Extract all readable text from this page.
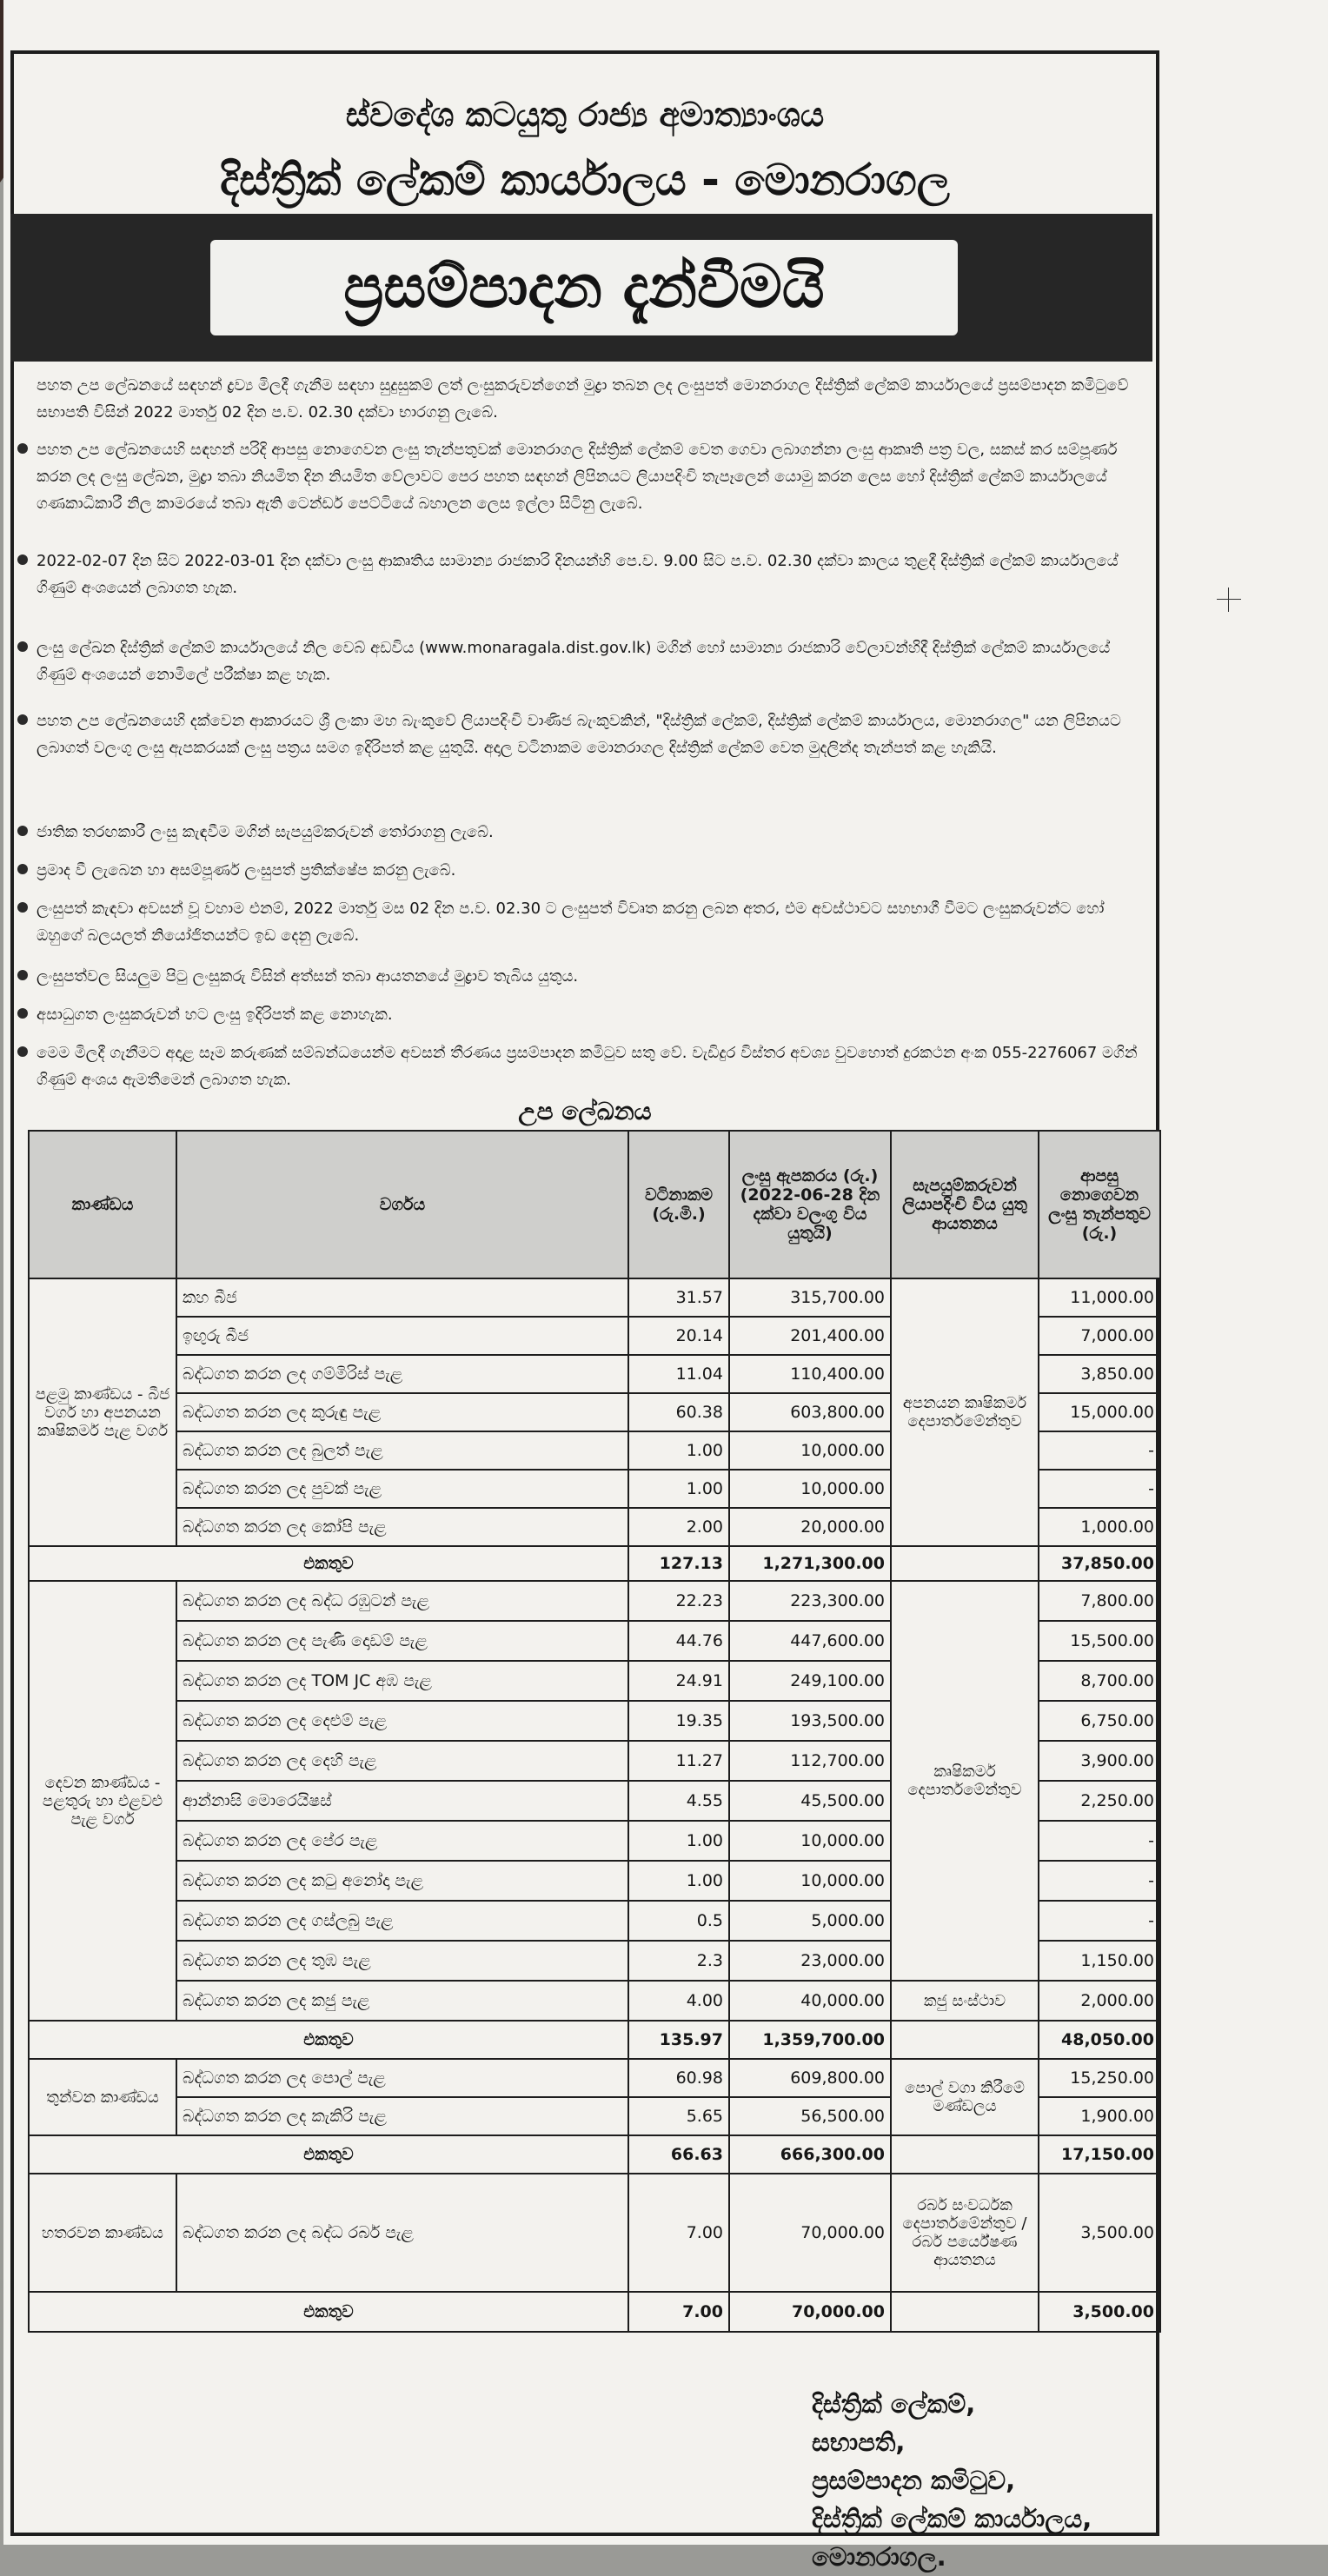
ස්වදේශ කටයුතු රාජ්‍ය අමාත්‍යාංශය
දිස්ත්‍රික් ලේකම් කාර්යාලය - මොනරාගල
ප්‍රසම්පාදන දැන්වීමයි
පහත උප ලේඛනයේ සඳහන් ද්‍රව්‍ය මිලදී ගැනීම සඳහා සුදුසුකම් ලත් ලංසුකරුවන්ගෙන් මුද්‍රා තබන ලද ලංසුපත් මොනරාගල දිස්ත්‍රික් ලේකම් කාර්යාලයේ ප්‍රසම්පාදන කමිටුවේ සභාපති විසින් 2022 මාර්තු 02 දින ප.ව. 02.30 දක්වා භාරගනු ලැබේ.
පහත උප ලේඛනයෙහි සඳහන් පරිදි ආපසු නොගෙවන ලංසු තැන්පතුවක් මොනරාගල දිස්ත්‍රික් ලේකම් වෙත ගෙවා ලබාගන්නා ලංසු ආකෘති පත්‍ර වල, සකස් කර සම්පූර්ණ කරන ලද ලංසු ලේඛන, මුද්‍රා තබා නියමිත දින නියමිත වේලාවට පෙර පහත සඳහන් ලිපිනයට ලියාපදිංචි තැපෑලෙන් යොමු කරන ලෙස හෝ දිස්ත්‍රික් ලේකම් කාර්යාලයේ ගණකාධිකාරී නිල කාමරයේ තබා ඇති ටෙන්ඩර් පෙට්ටියේ බහාලන ලෙස ඉල්ලා සිටිනු ලැබේ.
2022-02-07 දින සිට 2022-03-01 දින දක්වා ලංසු ආකෘතිය සාමාන්‍ය රාජකාරි දිනයන්හි පෙ.ව. 9.00 සිට ප.ව. 02.30 දක්වා කාලය තුළදී දිස්ත්‍රික් ලේකම් කාර්යාලයේ ගිණුම් අංශයෙන් ලබාගත හැක.
ලංසු ලේඛන දිස්ත්‍රික් ලේකම් කාර්යාලයේ නිල වෙබ් අඩවිය (www.monaragala.dist.gov.lk) මගින් හෝ සාමාන්‍ය රාජකාරි වේලාවන්හිදී දිස්ත්‍රික් ලේකම් කාර්යාලයේ ගිණුම් අංශයෙන් නොමිලේ පරීක්ෂා කළ හැක.
පහත උප ලේඛනයෙහි දක්වෙන ආකාරයට ශ්‍රී ලංකා මහ බැංකුවේ ලියාපදිංචි වාණිජ බැංකුවකින්, "දිස්ත්‍රික් ලේකම්, දිස්ත්‍රික් ලේකම් කාර්යාලය, මොනරාගල" යන ලිපිනයට ලබාගත් වලංගු ලංසු ඇපකරයක් ලංසු පත්‍රය සමග ඉදිරිපත් කළ යුතුයි. අදාල වටිනාකම මොනරාගල දිස්ත්‍රික් ලේකම් වෙත මුදලින්ද තැන්පත් කළ හැකියි.
ජාතික තරඟකාරී ලංසු කැඳවීම මගින් සැපයුම්කරුවන් තෝරාගනු ලැබේ.
ප්‍රමාද වී ලැබෙන හා අසම්පූර්ණ ලංසුපත් ප්‍රතික්ෂේප කරනු ලැබේ.
ලංසුපත් කැඳවා අවසන් වූ වහාම එනම්, 2022 මාර්තු මස 02 දින ප.ව. 02.30 ට ලංසුපත් විවෘත කරනු ලබන අතර, එම අවස්ථාවට සහභාගී වීමට ලංසුකරුවන්ට හෝ ඔහුගේ බලයලත් නියෝජිතයන්ට ඉඩ දෙනු ලැබේ.
ලංසුපත්වල සියලුම පිටු ලංසුකරු විසින් අත්සන් තබා ආයතනයේ මුද්‍රාව තැබිය යුතුය.
අසාධුගත ලංසුකරුවන් හට ලංසු ඉදිරිපත් කළ නොහැක.
මෙම මිලදී ගැනීමට අදාළ සෑම කරුණක් සම්බන්ධයෙන්ම අවසන් තීරණය ප්‍රසම්පාදන කමිටුව සතු වේ. වැඩිදුර විස්තර අවශ්‍ය වුවහොත් දුරකථන අංක 055-2276067 මගින් ගිණුම් අංශය ඇමතීමෙන් ලබාගත හැක.
උප ලේඛනය
කාණ්ඩය	වර්ගය	වටිනාකම (රු.මි.)	ලංසු ඇපකරය (රු.) (2022-06-28 දින දක්වා වලංගු විය යුතුයි)	සැපයුම්කරුවන් ලියාපදිංචි විය යුතු ආයතනය	ආපසු නොගෙවන ලංසු තැන්පතුව (රු.)
පළමු කාණ්ඩය - බීජ වර්ග හා අපනයන කෘෂිකර්ම පැළ වර්ග	කහ බීජ	31.57	315,700.00	අපනයන කෘෂිකර්ම දෙපාර්තමේන්තුව	11,000.00
	ඉඟුරු බීජ	20.14	201,400.00		7,000.00
	බද්ධගත කරන ලද ගම්මිරිස් පැළ	11.04	110,400.00		3,850.00
	බද්ධගත කරන ලද කුරුඳු පැළ	60.38	603,800.00		15,000.00
	බද්ධගත කරන ලද බුලත් පැළ	1.00	10,000.00		-
	බද්ධගත කරන ලද පුවක් පැළ	1.00	10,000.00		-
	බද්ධගත කරන ලද කෝපි පැළ	2.00	20,000.00		1,000.00
එකතුව		127.13	1,271,300.00		37,850.00
දෙවන කාණ්ඩය - පළතුරු හා එළවළු පැළ වර්ග	බද්ධගත කරන ලද බද්ධ රඹුටන් පැළ	22.23	223,300.00	කෘෂිකර්ම දෙපාර්තමේන්තුව	7,800.00
	බද්ධගත කරන ලද පැණි දොඩම් පැළ	44.76	447,600.00		15,500.00
	බද්ධගත කරන ලද TOM JC අඹ පැළ	24.91	249,100.00		8,700.00
	බද්ධගත කරන ලද දෙළුම් පැළ	19.35	193,500.00		6,750.00
	බද්ධගත කරන ලද දෙහි පැළ	11.27	112,700.00		3,900.00
	ආන්නාසි මොරෙයිෂස්	4.55	45,500.00		2,250.00
	බද්ධගත කරන ලද පේර පැළ	1.00	10,000.00		-
	බද්ධගත කරන ලද කටු අනෝදා පැළ	1.00	10,000.00		-
	බද්ධගත කරන ලද ගස්ලබු පැළ	0.5	5,000.00		-
	බද්ධගත කරන ලද තුඹ පැළ	2.3	23,000.00		1,150.00
	බද්ධගත කරන ලද කජු පැළ	4.00	40,000.00	කජු සංස්ථාව	2,000.00
එකතුව		135.97	1,359,700.00		48,050.00
තුන්වන කාණ්ඩය	බද්ධගත කරන ලද පොල් පැළ	60.98	609,800.00	පොල් වගා කිරීමේ මණ්ඩලය	15,250.00
	බද්ධගත කරන ලද කැකිරි පැළ	5.65	56,500.00		1,900.00
එකතුව		66.63	666,300.00		17,150.00
හතරවන කාණ්ඩය	බද්ධගත කරන ලද බද්ධ රබර් පැළ	7.00	70,000.00	රබර් සංවර්ධක දෙපාර්තමේන්තුව / රබර් පර්යේෂණ ආයතනය	3,500.00
එකතුව		7.00	70,000.00		3,500.00
දිස්ත්‍රික් ලේකම්,
සභාපති,
ප්‍රසම්පාදන කමිටුව,
දිස්ත්‍රික් ලේකම් කාර්යාලය,
මොනරාගල.
